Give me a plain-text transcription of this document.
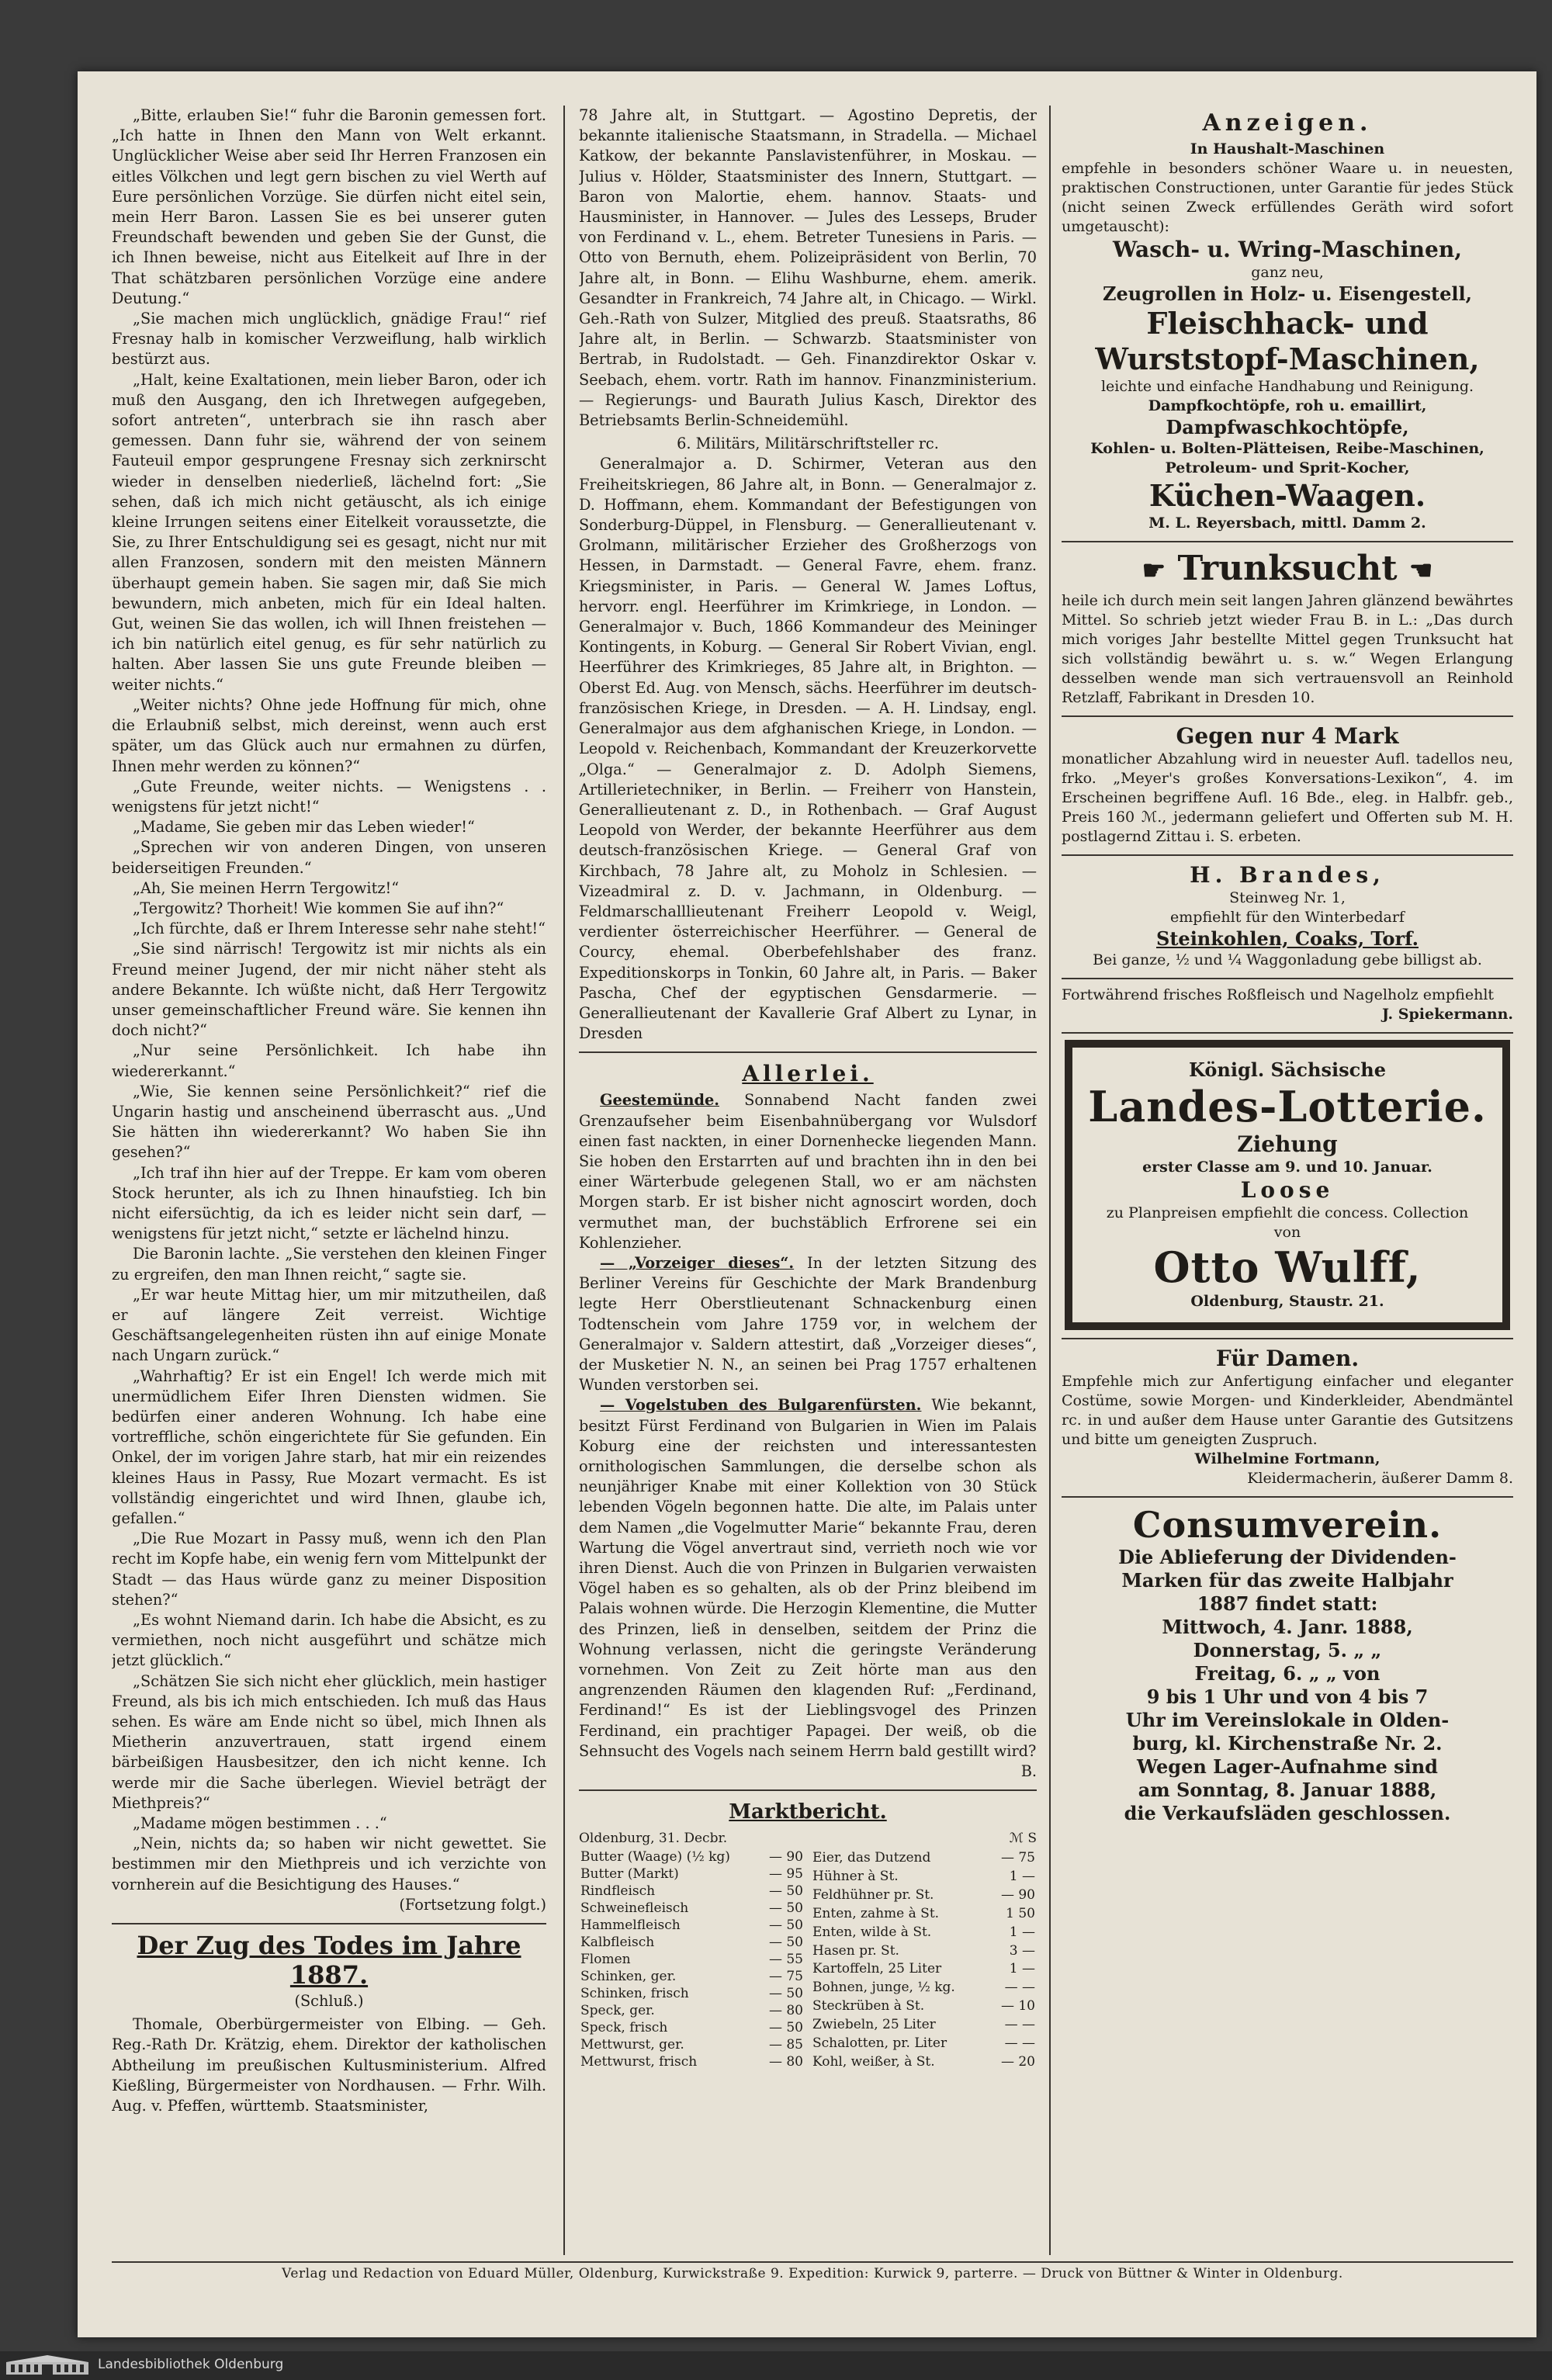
„Bitte, erlauben Sie!“ fuhr die Baronin gemessen fort. „Ich hatte in Ihnen den Mann von Welt erkannt. Unglücklicher Weise aber seid Ihr Herren Franzosen ein eitles Völkchen und legt gern bischen zu viel Werth auf Eure persönlichen Vorzüge. Sie dürfen nicht eitel sein, mein Herr Baron. Lassen Sie es bei unserer guten Freundschaft bewenden und geben Sie der Gunst, die ich Ihnen beweise, nicht aus Eitelkeit auf Ihre in der That schätzbaren persönlichen Vorzüge eine andere Deutung.“

„Sie machen mich unglücklich, gnädige Frau!“ rief Fresnay halb in komischer Verzweiflung, halb wirklich bestürzt aus.

„Halt, keine Exaltationen, mein lieber Baron, oder ich muß den Ausgang, den ich Ihretwegen aufgegeben, sofort antreten“, unterbrach sie ihn rasch aber gemessen. Dann fuhr sie, während der von seinem Fauteuil empor gesprungene Fresnay sich zerknirscht wieder in denselben niederließ, lächelnd fort: „Sie sehen, daß ich mich nicht getäuscht, als ich einige kleine Irrungen seitens einer Eitelkeit voraussetzte, die Sie, zu Ihrer Entschuldigung sei es gesagt, nicht nur mit allen Franzosen, sondern mit den meisten Männern überhaupt gemein haben. Sie sagen mir, daß Sie mich bewundern, mich anbeten, mich für ein Ideal halten. Gut, weinen Sie das wollen, ich will Ihnen freistehen — ich bin natürlich eitel genug, es für sehr natürlich zu halten. Aber lassen Sie uns gute Freunde bleiben — weiter nichts.“

„Weiter nichts? Ohne jede Hoffnung für mich, ohne die Erlaubniß selbst, mich dereinst, wenn auch erst später, um das Glück auch nur ermahnen zu dürfen, Ihnen mehr werden zu können?“

„Gute Freunde, weiter nichts. — Wenigstens . . wenigstens für jetzt nicht!“

„Madame, Sie geben mir das Leben wieder!“

„Sprechen wir von anderen Dingen, von unseren beiderseitigen Freunden.“

„Ah, Sie meinen Herrn Tergowitz!“

„Tergowitz? Thorheit! Wie kommen Sie auf ihn?“

„Ich fürchte, daß er Ihrem Interesse sehr nahe steht!“

„Sie sind närrisch! Tergowitz ist mir nichts als ein Freund meiner Jugend, der mir nicht näher steht als andere Bekannte. Ich wüßte nicht, daß Herr Tergowitz unser gemeinschaftlicher Freund wäre. Sie kennen ihn doch nicht?“

„Nur seine Persönlichkeit. Ich habe ihn wiedererkannt.“

„Wie, Sie kennen seine Persönlichkeit?“ rief die Ungarin hastig und anscheinend überrascht aus. „Und Sie hätten ihn wiedererkannt? Wo haben Sie ihn gesehen?“

„Ich traf ihn hier auf der Treppe. Er kam vom oberen Stock herunter, als ich zu Ihnen hinaufstieg. Ich bin nicht eifersüchtig, da ich es leider nicht sein darf, — wenigstens für jetzt nicht,“ setzte er lächelnd hinzu.

Die Baronin lachte. „Sie verstehen den kleinen Finger zu ergreifen, den man Ihnen reicht,“ sagte sie.

„Er war heute Mittag hier, um mir mitzutheilen, daß er auf längere Zeit verreist. Wichtige Geschäftsangelegenheiten rüsten ihn auf einige Monate nach Ungarn zurück.“

„Wahrhaftig? Er ist ein Engel! Ich werde mich mit unermüdlichem Eifer Ihren Diensten widmen. Sie bedürfen einer anderen Wohnung. Ich habe eine vortreffliche, schön eingerichtete für Sie gefunden. Ein Onkel, der im vorigen Jahre starb, hat mir ein reizendes kleines Haus in Passy, Rue Mozart vermacht. Es ist vollständig eingerichtet und wird Ihnen, glaube ich, gefallen.“

„Die Rue Mozart in Passy muß, wenn ich den Plan recht im Kopfe habe, ein wenig fern vom Mittelpunkt der Stadt — das Haus würde ganz zu meiner Disposition stehen?“

„Es wohnt Niemand darin. Ich habe die Absicht, es zu vermiethen, noch nicht ausgeführt und schätze mich jetzt glücklich.“

„Schätzen Sie sich nicht eher glücklich, mein hastiger Freund, als bis ich mich entschieden. Ich muß das Haus sehen. Es wäre am Ende nicht so übel, mich Ihnen als Mietherin anzuvertrauen, statt irgend einem bärbeißigen Hausbesitzer, den ich nicht kenne. Ich werde mir die Sache überlegen. Wieviel beträgt der Miethpreis?“

„Madame mögen bestimmen . . .“

„Nein, nichts da; so haben wir nicht gewettet. Sie bestimmen mir den Miethpreis und ich verzichte von vornherein auf die Besichtigung des Hauses.“

(Fortsetzung folgt.)

Der Zug des Todes im Jahre 1887.
(Schluß.)

Thomale, Oberbürgermeister von Elbing. — Geh. Reg.-Rath Dr. Krätzig, ehem. Direktor der katholischen Abtheilung im preußischen Kultusministerium. Alfred Kießling, Bürgermeister von Nordhausen. — Frhr. Wilh. Aug. v. Pfeffen, württemb. Staatsminister,

78 Jahre alt, in Stuttgart. — Agostino Depretis, der bekannte italienische Staatsmann, in Stradella. — Michael Katkow, der bekannte Panslavistenführer, in Moskau. — Julius v. Hölder, Staatsminister des Innern, Stuttgart. — Baron von Malortie, ehem. hannov. Staats- und Hausminister, in Hannover. — Jules des Lesseps, Bruder von Ferdinand v. L., ehem. Betreter Tunesiens in Paris. — Otto von Bernuth, ehem. Polizeipräsident von Berlin, 70 Jahre alt, in Bonn. — Elihu Washburne, ehem. amerik. Gesandter in Frankreich, 74 Jahre alt, in Chicago. — Wirkl. Geh.-Rath von Sulzer, Mitglied des preuß. Staatsraths, 86 Jahre alt, in Berlin. — Schwarzb. Staatsminister von Bertrab, in Rudolstadt. — Geh. Finanzdirektor Oskar v. Seebach, ehem. vortr. Rath im hannov. Finanzministerium. — Regierungs- und Baurath Julius Kasch, Direktor des Betriebsamts Berlin-Schneidemühl.

6. Militärs, Militärschriftsteller rc.

Generalmajor a. D. Schirmer, Veteran aus den Freiheitskriegen, 86 Jahre alt, in Bonn. — Generalmajor z. D. Hoffmann, ehem. Kommandant der Befestigungen von Sonderburg-Düppel, in Flensburg. — Generallieutenant v. Grolmann, militärischer Erzieher des Großherzogs von Hessen, in Darmstadt. — General Favre, ehem. franz. Kriegsminister, in Paris. — General W. James Loftus, hervorr. engl. Heerführer im Krimkriege, in London. — Generalmajor v. Buch, 1866 Kommandeur des Meininger Kontingents, in Koburg. — General Sir Robert Vivian, engl. Heerführer des Krimkrieges, 85 Jahre alt, in Brighton. — Oberst Ed. Aug. von Mensch, sächs. Heerführer im deutsch-französischen Kriege, in Dresden. — A. H. Lindsay, engl. Generalmajor aus dem afghanischen Kriege, in London. — Leopold v. Reichenbach, Kommandant der Kreuzerkorvette „Olga.“ — Generalmajor z. D. Adolph Siemens, Artillerietechniker, in Berlin. — Freiherr von Hanstein, Generallieutenant z. D., in Rothenbach. — Graf August Leopold von Werder, der bekannte Heerführer aus dem deutsch-französischen Kriege. — General Graf von Kirchbach, 78 Jahre alt, zu Moholz in Schlesien. — Vizeadmiral z. D. v. Jachmann, in Oldenburg. — Feldmarschalllieutenant Freiherr Leopold v. Weigl, verdienter österreichischer Heerführer. — General de Courcy, ehemal. Oberbefehlshaber des franz. Expeditionskorps in Tonkin, 60 Jahre alt, in Paris. — Baker Pascha, Chef der egyptischen Gensdarmerie. — Generallieutenant der Kavallerie Graf Albert zu Lynar, in Dresden

Allerlei.

Geestemünde. Sonnabend Nacht fanden zwei Grenzaufseher beim Eisenbahnübergang vor Wulsdorf einen fast nackten, in einer Dornenhecke liegenden Mann. Sie hoben den Erstarrten auf und brachten ihn in den bei einer Wärterbude gelegenen Stall, wo er am nächsten Morgen starb. Er ist bisher nicht agnoscirt worden, doch vermuthet man, der buchstäblich Erfrorene sei ein Kohlenzieher.

— „Vorzeiger dieses“. In der letzten Sitzung des Berliner Vereins für Geschichte der Mark Brandenburg legte Herr Oberstlieutenant Schnackenburg einen Todtenschein vom Jahre 1759 vor, in welchem der Generalmajor v. Saldern attestirt, daß „Vorzeiger dieses“, der Musketier N. N., an seinen bei Prag 1757 erhaltenen Wunden verstorben sei.

— Vogelstuben des Bulgarenfürsten. Wie bekannt, besitzt Fürst Ferdinand von Bulgarien in Wien im Palais Koburg eine der reichsten und interessantesten ornithologischen Sammlungen, die derselbe schon als neunjähriger Knabe mit einer Kollektion von 30 Stück lebenden Vögeln begonnen hatte. Die alte, im Palais unter dem Namen „die Vogelmutter Marie“ bekannte Frau, deren Wartung die Vögel anvertraut sind, verrieth noch wie vor ihren Dienst. Auch die von Prinzen in Bulgarien verwaisten Vögel haben es so gehalten, als ob der Prinz bleibend im Palais wohnen würde. Die Herzogin Klementine, die Mutter des Prinzen, ließ in denselben, seitdem der Prinz die Wohnung verlassen, nicht die geringste Veränderung vornehmen. Von Zeit zu Zeit hörte man aus den angrenzenden Räumen den klagenden Ruf: „Ferdinand, Ferdinand!“ Es ist der Lieblingsvogel des Prinzen Ferdinand, ein prachtiger Papagei. Der weiß, ob die Sehnsucht des Vogels nach seinem Herrn bald gestillt wird?

B.

Marktbericht.
Oldenburg, 31. Decbr.	ℳ S
Butter (Waage) (½ kg)	— 90
Butter (Markt)	— 95
Rindfleisch	— 50
Schweinefleisch	— 50
Hammelfleisch	— 50
Kalbfleisch	— 50
Flomen	— 55
Schinken, ger.	— 75
Schinken, frisch	— 50
Speck, ger.	— 80
Speck, frisch	— 50
Mettwurst, ger.	— 85
Mettwurst, frisch	— 80
Eier, das Dutzend	— 75
Hühner à St.	1 —
Feldhühner pr. St.	— 90
Enten, zahme à St.	1 50
Enten, wilde à St.	1 —
Hasen pr. St.	3 —
Kartoffeln, 25 Liter	1 —
Bohnen, junge, ½ kg.	— —
Steckrüben à St.	— 10
Zwiebeln, 25 Liter	— —
Schalotten, pr. Liter	— —
Kohl, weißer, à St.	— 20
Anzeigen.
In Haushalt-Maschinen
empfehle in besonders schöner Waare u. in neuesten, praktischen Constructionen, unter Garantie für jedes Stück (nicht seinen Zweck erfüllendes Geräth wird sofort umgetauscht):
Wasch- u. Wring-Maschinen,
ganz neu,
Zeugrollen in Holz- u. Eisengestell,
Fleischhack- und Wurststopf-Maschinen,
leichte und einfache Handhabung und Reinigung.
Dampfkochtöpfe, roh u. emaillirt,
Dampfwaschkochtöpfe,
Kohlen- u. Bolten-Plätteisen, Reibe-Maschinen, Petroleum- und Sprit-Kocher,
Küchen-Waagen.
M. L. Reyersbach, mittl. Damm 2.
☛ Trunksucht ☚
heile ich durch mein seit langen Jahren glänzend bewährtes Mittel. So schrieb jetzt wieder Frau B. in L.: „Das durch mich voriges Jahr bestellte Mittel gegen Trunksucht hat sich vollständig bewährt u. s. w.“ Wegen Erlangung desselben wende man sich vertrauensvoll an Reinhold Retzlaff, Fabrikant in Dresden 10.
Gegen nur 4 Mark
monatlicher Abzahlung wird in neuester Aufl. tadellos neu, frko. „Meyer's großes Konversations-Lexikon“, 4. im Erscheinen begriffene Aufl. 16 Bde., eleg. in Halbfr. geb., Preis 160 ℳ., jedermann geliefert und Offerten sub M. H. postlagernd Zittau i. S. erbeten.
H. Brandes,
Steinweg Nr. 1,
empfiehlt für den Winterbedarf
Steinkohlen, Coaks, Torf.
Bei ganze, ½ und ¼ Waggonladung gebe billigst ab.
Fortwährend frisches Roßfleisch und Nagelholz empfiehlt
J. Spiekermann.
Königl. Sächsische
Landes-Lotterie.
Ziehung
erster Classe am 9. und 10. Januar.
Loose
zu Planpreisen empfiehlt die concess. Collection
von
Otto Wulff,
Oldenburg, Staustr. 21.
Für Damen.
Empfehle mich zur Anfertigung einfacher und eleganter Costüme, sowie Morgen- und Kinderkleider, Abendmäntel rc. in und außer dem Hause unter Garantie des Gutsitzens und bitte um geneigten Zuspruch.
Wilhelmine Fortmann,
Kleidermacherin, äußerer Damm 8.
Consumverein.
Die Ablieferung der Dividenden-
Marken für das zweite Halbjahr
1887 findet statt:
Mittwoch, 4. Janr. 1888,
Donnerstag, 5. „ „
Freitag, 6. „ „ von
9 bis 1 Uhr und von 4 bis 7
Uhr im Vereinslokale in Olden-
burg, kl. Kirchenstraße Nr. 2.
Wegen Lager-Aufnahme sind
am Sonntag, 8. Januar 1888,
die Verkaufsläden geschlossen.
Verlag und Redaction von Eduard Müller, Oldenburg, Kurwickstraße 9. Expedition: Kurwick 9, parterre. — Druck von Büttner & Winter in Oldenburg.
Landesbibliothek Oldenburg
